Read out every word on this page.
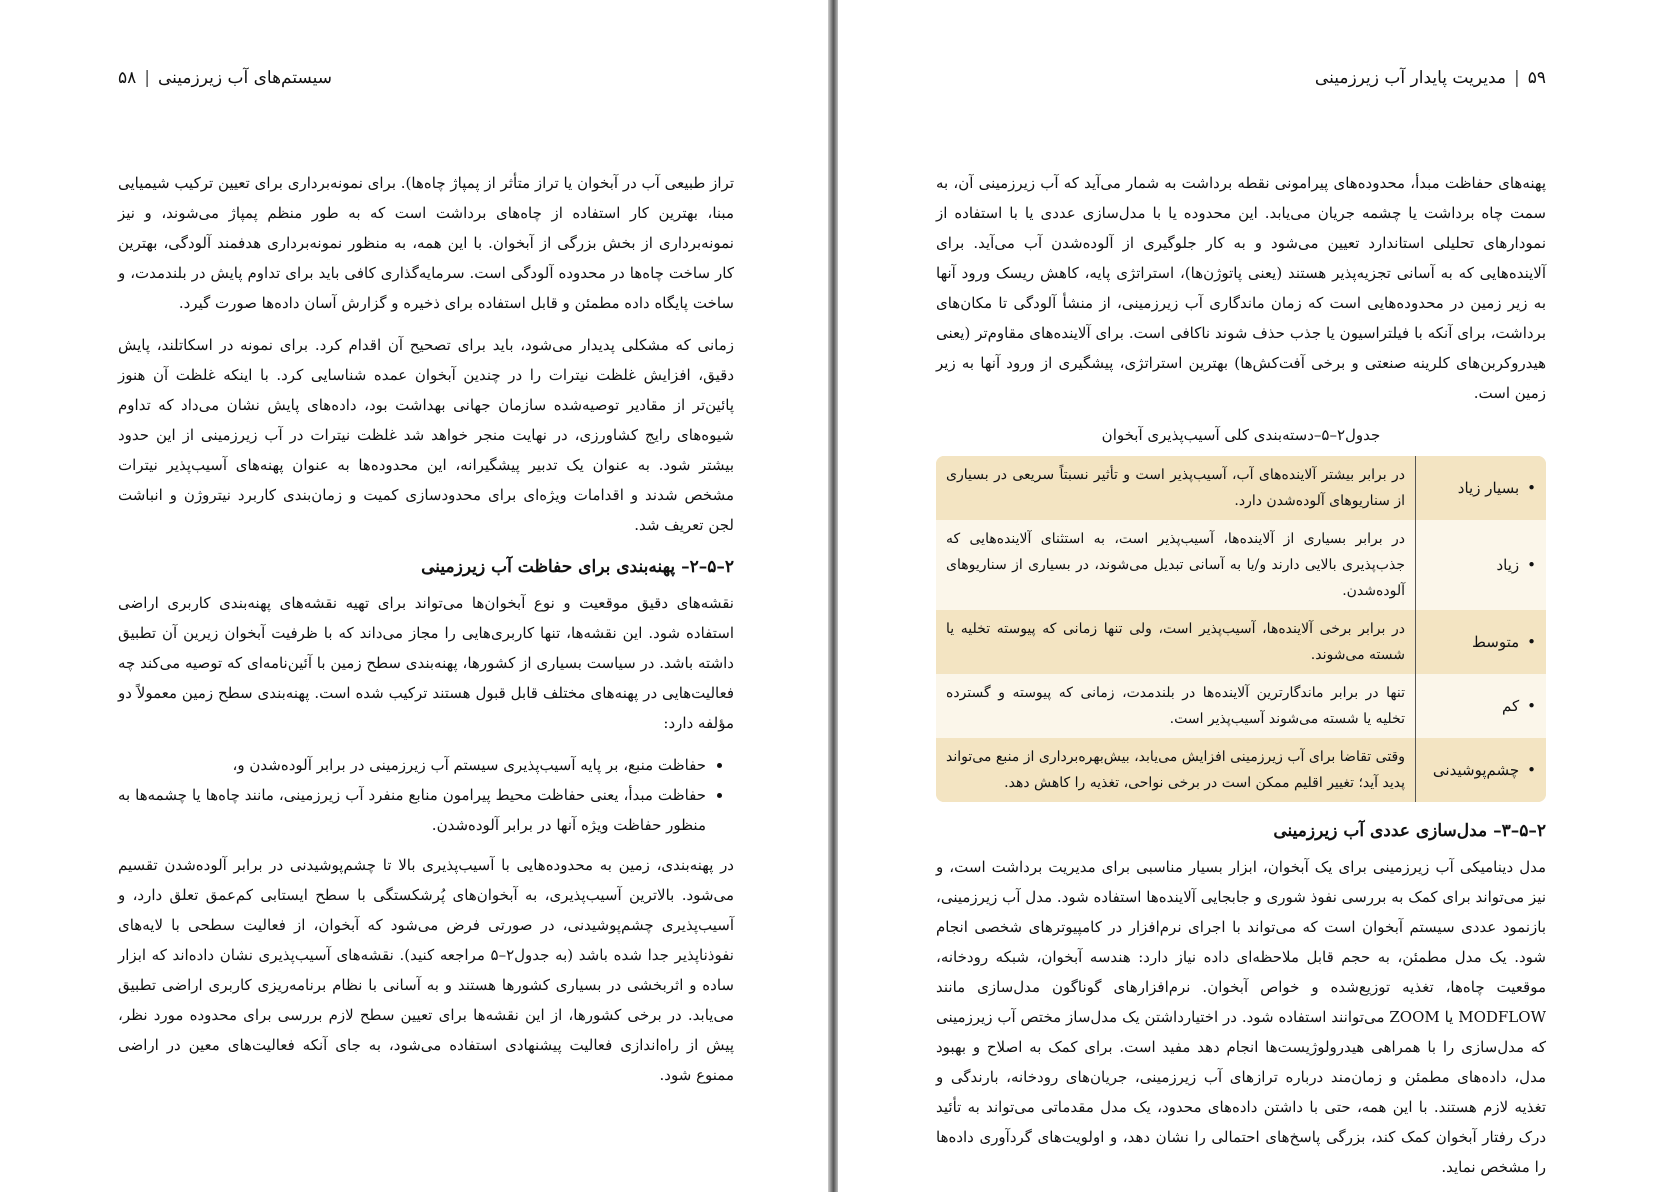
سیستم‌های آب زیرزمینی
|
۵۸

تراز طبیعی آب در آبخوان یا تراز متأثر از پمپاژ چاه‌ها). برای نمونه‌برداری برای تعیین ترکیب شیمیایی مبنا، بهترین کار استفاده از چاه‌های برداشت است که به طور منظم پمپاژ می‌شوند، و نیز نمونه‌برداری از بخش بزرگی از آبخوان. با این همه، به منظور نمونه‌برداری هدفمند آلودگی، بهترین کار ساخت چاه‌ها در محدوده آلودگی است. سرمایه‌گذاری کافی باید برای تداوم پایش در بلندمدت، و ساخت پایگاه داده مطمئن و قابل استفاده برای ذخیره و گزارش آسان داده‌ها صورت گیرد.

زمانی که مشکلی پدیدار می‌شود، باید برای تصحیح آن اقدام کرد. برای نمونه در اسکاتلند، پایش دقیق، افزایش غلظت نیترات را در چندین آبخوان عمده شناسایی کرد. با اینکه غلظت آن هنوز پائین‌تر از مقادیر توصیه‌شده سازمان جهانی بهداشت بود، داده‌های پایش نشان می‌داد که تداوم شیوه‌های رایج کشاورزی، در نهایت منجر خواهد شد غلظت نیترات در آب زیرزمینی از این حدود بیشتر شود. به عنوان یک تدبیر پیشگیرانه، این محدوده‌ها به عنوان پهنه‌های آسیب‌پذیر نیترات مشخص شدند و اقدامات ویژه‌ای برای محدودسازی کمیت و زمان‌بندی کاربرد نیتروژن و انباشت لجن تعریف شد.

۲–۵–۲– پهنه‌بندی برای حفاظت آب زیرزمینی

نقشه‌های دقیق موقعیت و نوع آبخوان‌ها می‌تواند برای تهیه نقشه‌های پهنه‌بندی کاربری اراضی استفاده شود. این نقشه‌ها، تنها کاربری‌هایی را مجاز می‌داند که با ظرفیت آبخوان زیرین آن تطبیق داشته باشد. در سیاست بسیاری از کشورها، پهنه‌بندی سطح زمین با آئین‌نامه‌ای که توصیه می‌کند چه فعالیت‌هایی در پهنه‌های مختلف قابل قبول هستند ترکیب شده است. پهنه‌بندی سطح زمین معمولاً دو مؤلفه دارد:

• حفاظت منبع، بر پایه آسیب‌پذیری سیستم آب زیرزمینی در برابر آلوده‌شدن و،
• حفاظت مبدأ، یعنی حفاظت محیط پیرامون منابع منفرد آب زیرزمینی، مانند چاه‌ها یا چشمه‌ها به منظور حفاظت ویژه آنها در برابر آلوده‌شدن.

در پهنه‌بندی، زمین به محدوده‌هایی با آسیب‌پذیری بالا تا چشم‌پوشیدنی در برابر آلوده‌شدن تقسیم می‌شود. بالاترین آسیب‌پذیری، به آبخوان‌های پُرشکستگی با سطح ایستابی کم‌عمق تعلق دارد، و آسیب‌پذیری چشم‌پوشیدنی، در صورتی فرض می‌شود که آبخوان، از فعالیت سطحی با لایه‌های نفوذناپذیر جدا شده باشد (به جدول۲–۵ مراجعه کنید). نقشه‌های آسیب‌پذیری نشان داده‌اند که ابزار ساده و اثربخشی در بسیاری کشورها هستند و به آسانی با نظام برنامه‌ریزی کاربری اراضی تطبیق می‌یابد. در برخی کشورها، از این نقشه‌ها برای تعیین سطح لازم بررسی برای محدوده مورد نظر، پیش از راه‌اندازی فعالیت پیشنهادی استفاده می‌شود، به جای آنکه فعالیت‌های معین در اراضی ممنوع شود.

۵۹
|
مدیریت پایدار آب زیرزمینی

پهنه‌های حفاظت مبدأ، محدوده‌های پیرامونی نقطه برداشت به شمار می‌آید که آب زیرزمینی آن، به سمت چاه برداشت یا چشمه جریان می‌یابد. این محدوده یا با مدل‌سازی عددی یا با استفاده از نمودارهای تحلیلی استاندارد تعیین می‌شود و به کار جلوگیری از آلوده‌شدن آب می‌آید. برای آلاینده‌هایی که به آسانی تجزیه‌پذیر هستند (یعنی پاتوژن‌ها)، استراتژی پایه، کاهش ریسک ورود آنها به زیر زمین در محدوده‌هایی است که زمان ماندگاری آب زیرزمینی، از منشأ آلودگی تا مکان‌های برداشت، برای آنکه با فیلتراسیون یا جذب حذف شوند ناکافی است. برای آلاینده‌های مقاوم‌تر (یعنی هیدروکربن‌های کلرینه صنعتی و برخی آفت‌کش‌ها) بهترین استراتژی، پیشگیری از ورود آنها به زیر زمین است.

جدول۲–۵–دسته‌بندی کلی آسیب‌پذیری آبخوان
•بسیار زیاد	در برابر بیشتر آلاینده‌های آب، آسیب‌پذیر است و تأثیر نسبتاً سریعی در بسیاری از سناریوهای آلوده‌شدن دارد.
•زیاد	در برابر بسیاری از آلاینده‌ها، آسیب‌پذیر است، به استثنای آلاینده‌هایی که جذب‌پذیری بالایی دارند و/یا به آسانی تبدیل می‌شوند، در بسیاری از سناریوهای آلوده‌شدن.
•متوسط	در برابر برخی آلاینده‌ها، آسیب‌پذیر است، ولی تنها زمانی که پیوسته تخلیه یا شسته می‌شوند.
•کم	تنها در برابر ماندگارترین آلاینده‌ها در بلندمدت، زمانی که پیوسته و گسترده تخلیه یا شسته می‌شوند آسیب‌پذیر است.
•چشم‌پوشیدنی	وقتی تقاضا برای آب زیرزمینی افزایش می‌یابد، بیش‌بهره‌برداری از منبع می‌تواند پدید آید؛ تغییر اقلیم ممکن است در برخی نواحی، تغذیه را کاهش دهد.
۲–۵–۳– مدل‌سازی عددی آب زیرزمینی

مدل دینامیکی آب زیرزمینی برای یک آبخوان، ابزار بسیار مناسبی برای مدیریت برداشت است، و نیز می‌تواند برای کمک به بررسی نفوذ شوری و جابجایی آلاینده‌ها استفاده شود. مدل آب زیرزمینی، بازنمود عددی سیستم آبخوان است که می‌تواند با اجرای نرم‌افزار در کامپیوترهای شخصی انجام شود. یک مدل مطمئن، به حجم قابل ملاحظه‌ای داده نیاز دارد: هندسه آبخوان، شبکه رودخانه، موقعیت چاه‌ها، تغذیه توزیع‌شده و خواص آبخوان. نرم‌افزارهای گوناگون مدل‌سازی مانند MODFLOW یا ZOOM می‌توانند استفاده شود. در اختیارداشتن یک مدل‌ساز مختص آب زیرزمینی که مدل‌سازی را با همراهی هیدرولوژیست‌ها انجام دهد مفید است. برای کمک به اصلاح و بهبود مدل، داده‌های مطمئن و زمان‌مند درباره ترازهای آب زیرزمینی، جریان‌های رودخانه، بارندگی و تغذیه لازم هستند. با این همه، حتی با داشتن داده‌های محدود، یک مدل مقدماتی می‌تواند به تأئید درک رفتار آبخوان کمک کند، بزرگی پاسخ‌های احتمالی را نشان دهد، و اولویت‌های گردآوری داده‌ها را مشخص نماید.
